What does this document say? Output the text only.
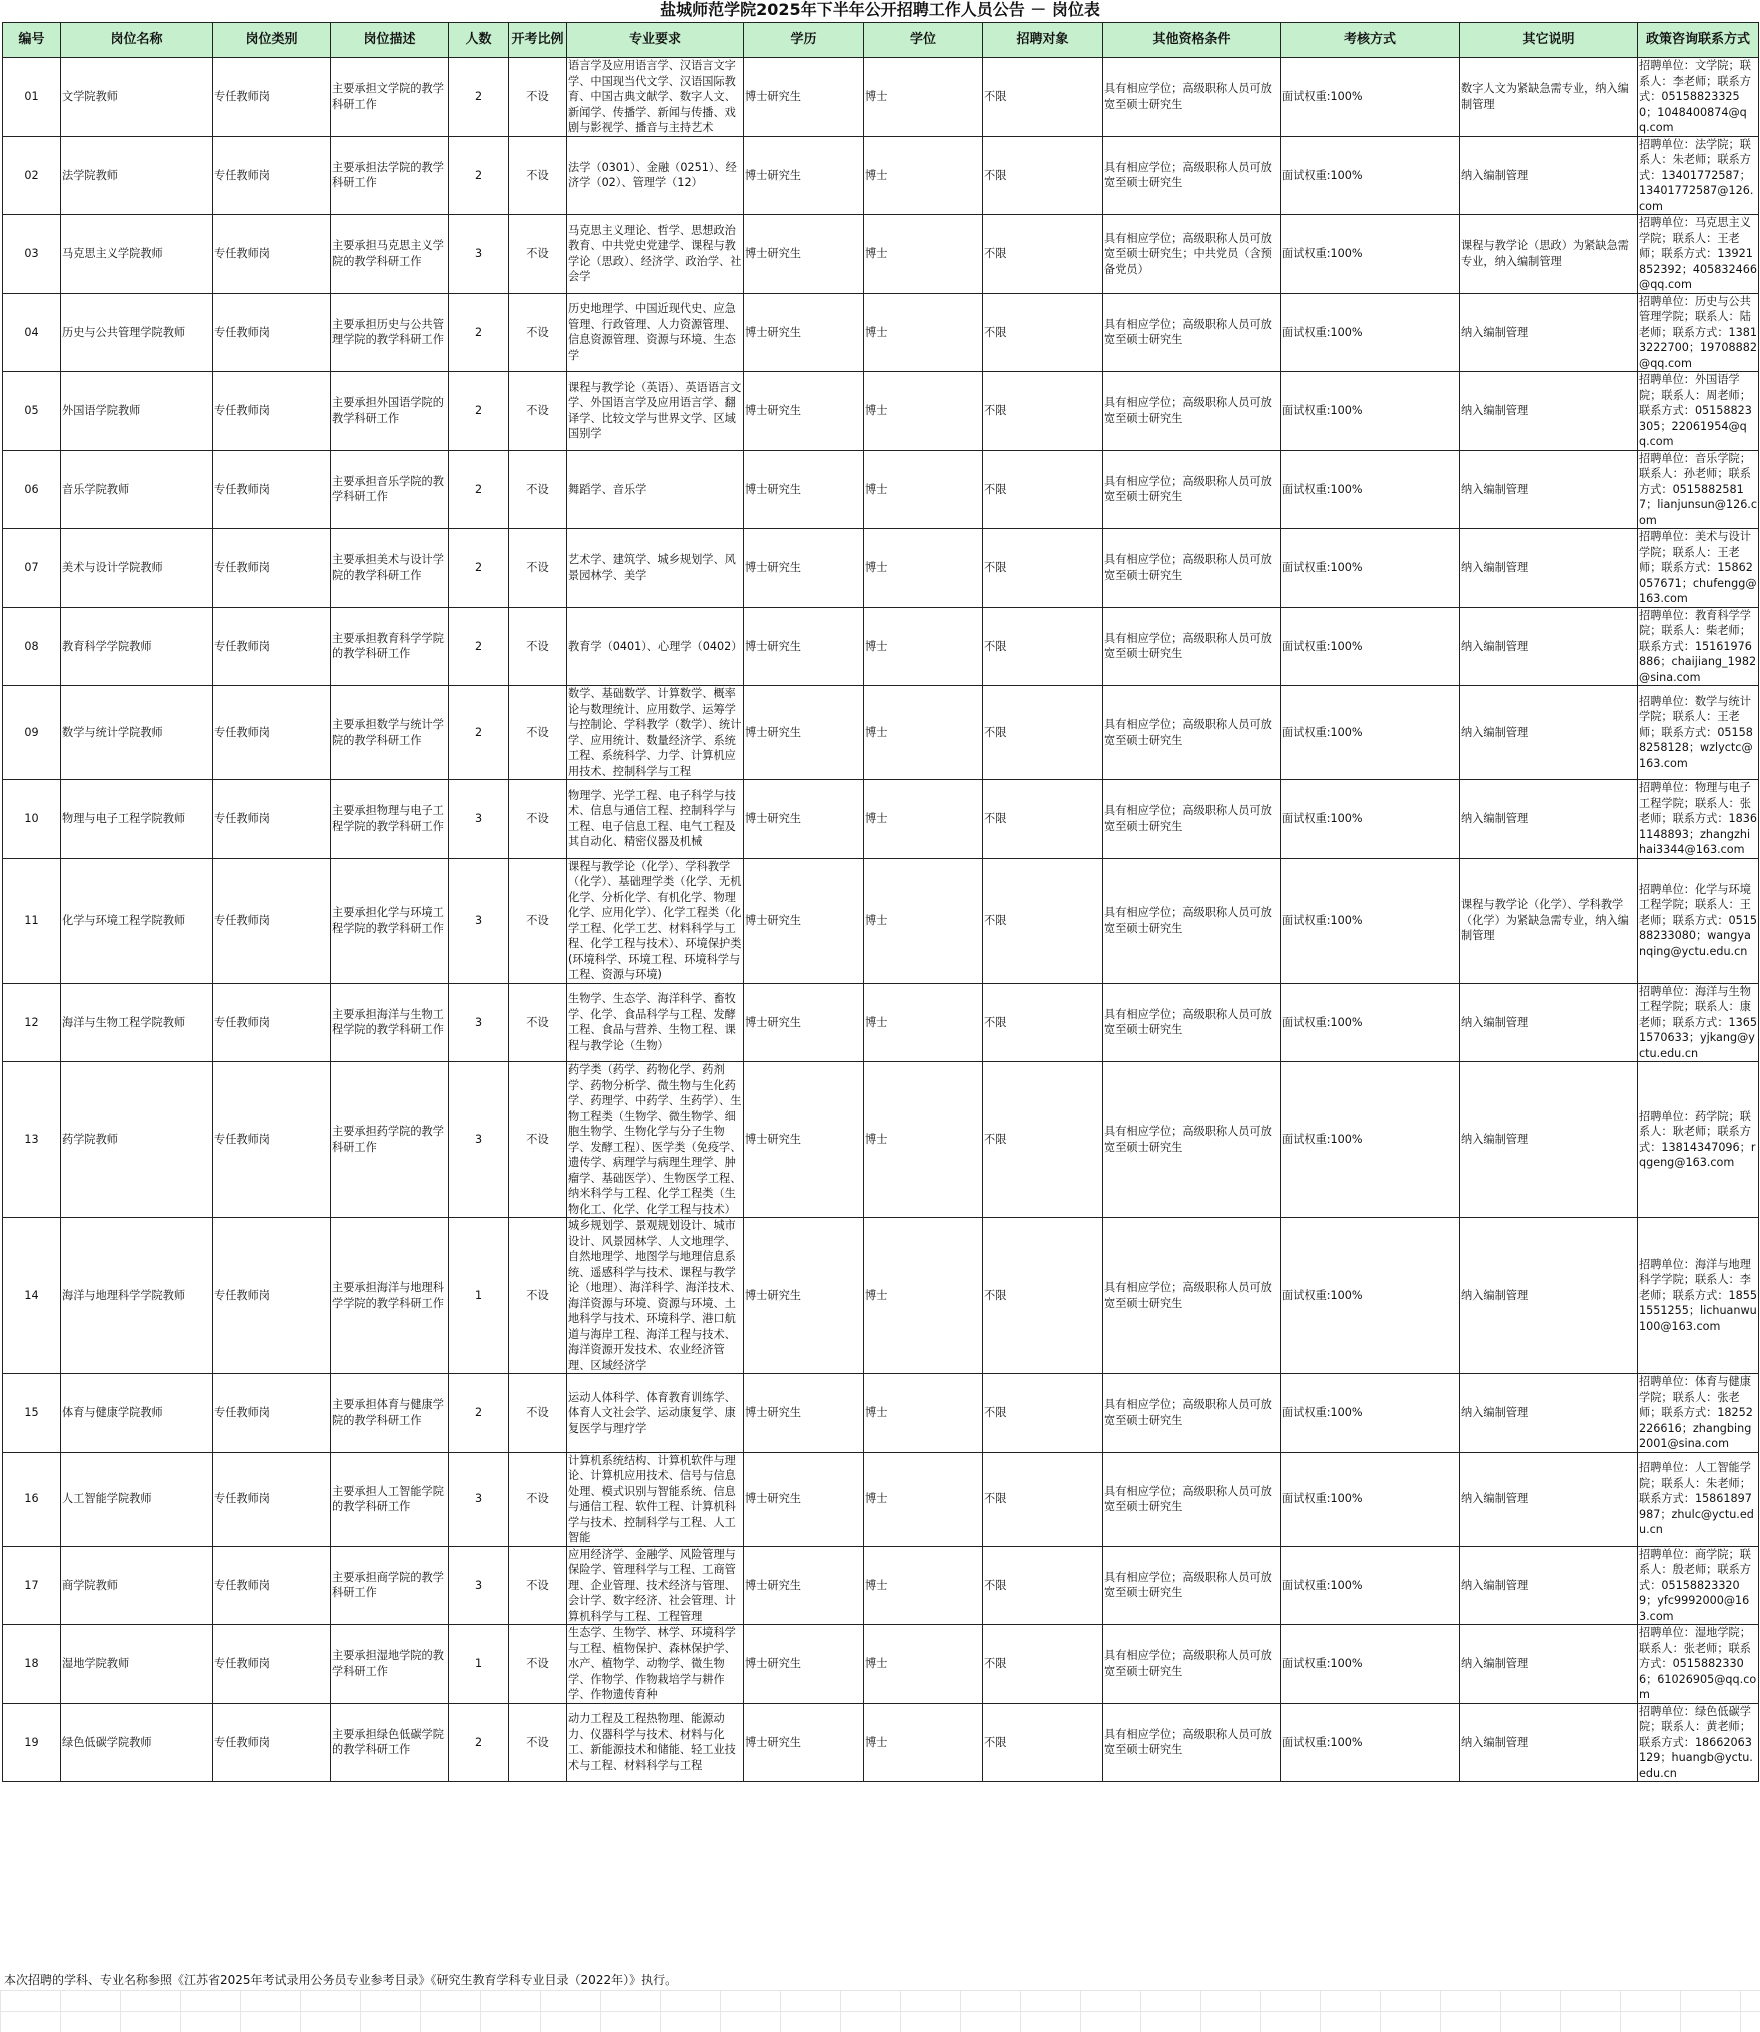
盐城师范学院2025年下半年公开招聘工作人员公告 － 岗位表
编号	岗位名称	岗位类别	岗位描述	人数	开考比例	专业要求	学历	学位	招聘对象	其他资格条件	考核方式	其它说明	政策咨询联系方式
01	文学院教师	专任教师岗	主要承担文学院的教学科研工作	2	不设	语言学及应用语言学、汉语言文字学、中国现当代文学、汉语国际教育、中国古典文献学、数字人文、新闻学、传播学、新闻与传播、戏剧与影视学、播音与主持艺术	博士研究生	博士	不限	具有相应学位；高级职称人员可放宽至硕士研究生	面试权重:100%	数字人文为紧缺急需专业，纳入编制管理	招聘单位：文学院；联系人：李老师；联系方式：05158823325​0；1048400874@qq.com
02	法学院教师	专任教师岗	主要承担法学院的教学科研工作	2	不设	法学（0301）、金融（0251）、经济学（02）、管理学（12）	博士研究生	博士	不限	具有相应学位；高级职称人员可放宽至硕士研究生	面试权重:100%	纳入编制管理	招聘单位：法学院；联系人：朱老师；联系方式：13401772587；13401772587@126.com
03	马克思主义学院教师	专任教师岗	主要承担马克思主义学院的教学科研工作	3	不设	马克思主义理论、哲学、思想政治教育、中共党史党建学、课程与教学论（思政）、经济学、政治学、社会学	博士研究生	博士	不限	具有相应学位；高级职称人员可放宽至硕士研究生；中共党员（含预备党员）	面试权重:100%	课程与教学论（思政）为紧缺急需专业，纳入编制管理	招聘单位：马克思主义学院；联系人：王老师；联系方式：13921852392；405832466@qq.com
04	历史与公共管理学院教师	专任教师岗	主要承担历史与公共管理学院的教学科研工作	2	不设	历史地理学、中国近现代史、应急管理、行政管理、人力资源管理、信息资源管理、资源与环境、生态学	博士研究生	博士	不限	具有相应学位；高级职称人员可放宽至硕士研究生	面试权重:100%	纳入编制管理	招聘单位：历史与公共管理学院；联系人：陆老师；联系方式：13813222700；19708882@qq.com
05	外国语学院教师	专任教师岗	主要承担外国语学院的教学科研工作	2	不设	课程与教学论（英语）、英语语言文学、外国语言学及应用语言学、翻译学、比较文学与世界文学、区域国别学	博士研究生	博士	不限	具有相应学位；高级职称人员可放宽至硕士研究生	面试权重:100%	纳入编制管理	招聘单位：外国语学院；联系人：周老师；联系方式：05158823305；22061954@qq.com
06	音乐学院教师	专任教师岗	主要承担音乐学院的教学科研工作	2	不设	舞蹈学、音乐学	博士研究生	博士	不限	具有相应学位；高级职称人员可放宽至硕士研究生	面试权重:100%	纳入编制管理	招聘单位：音乐学院；联系人：孙老师；联系方式：05158825817；lianjunsun@126.com
07	美术与设计学院教师	专任教师岗	主要承担美术与设计学院的教学科研工作	2	不设	艺术学、建筑学、城乡规划学、风景园林学、美学	博士研究生	博士	不限	具有相应学位；高级职称人员可放宽至硕士研究生	面试权重:100%	纳入编制管理	招聘单位：美术与设计学院；联系人：王老师；联系方式：15862057671；chufengg@163.com
08	教育科学学院教师	专任教师岗	主要承担教育科学学院的教学科研工作	2	不设	教育学（0401）、心理学（0402）	博士研究生	博士	不限	具有相应学位；高级职称人员可放宽至硕士研究生	面试权重:100%	纳入编制管理	招聘单位：教育科学学院；联系人：柴老师；联系方式：15161976886；chaijiang_1982@sina.com
09	数学与统计学院教师	专任教师岗	主要承担数学与统计学院的教学科研工作	2	不设	数学、基础数学、计算数学、概率论与数理统计、应用数学、运筹学与控制论、学科教学（数学）、统计学、应用统计、数量经济学、系统工程、系统科学、力学、计算机应用技术、控制科学与工程	博士研究生	博士	不限	具有相应学位；高级职称人员可放宽至硕士研究生	面试权重:100%	纳入编制管理	招聘单位：数学与统计学院；联系人：王老师；联系方式：05158825812​8；wzlyctc@163.com
10	物理与电子工程学院教师	专任教师岗	主要承担物理与电子工程学院的教学科研工作	3	不设	物理学、光学工程、电子科学与技术、信息与通信工程、控制科学与工程、电子信息工程、电气工程及其自动化、精密仪器及机械	博士研究生	博士	不限	具有相应学位；高级职称人员可放宽至硕士研究生	面试权重:100%	纳入编制管理	招聘单位：物理与电子工程学院；联系人：张老师；联系方式：18361148893；zhangzhihai3344@163.com
11	化学与环境工程学院教师	专任教师岗	主要承担化学与环境工程学院的教学科研工作	3	不设	课程与教学论（化学）、学科教学（化学）、基础理学类（化学、无机化学、分析化学、有机化学、物理化学、应用化学）、化学工程类（化学工程、化学工艺、材料科学与工程、化学工程与技术）、环境保护类(环境科学、环境工程、环境科学与工程、资源与环境)	博士研究生	博士	不限	具有相应学位；高级职称人员可放宽至硕士研究生	面试权重:100%	课程与教学论（化学）、学科教学（化学）为紧缺急需专业，纳入编制管理	招聘单位：化学与环境工程学院；联系人：王老师；联系方式：05158823308​0；wangyanqing@yctu.edu.cn
12	海洋与生物工程学院教师	专任教师岗	主要承担海洋与生物工程学院的教学科研工作	3	不设	生物学、生态学、海洋科学、畜牧学、化学、食品科学与工程、发酵工程、食品与营养、生物工程、课程与教学论（生物）	博士研究生	博士	不限	具有相应学位；高级职称人员可放宽至硕士研究生	面试权重:100%	纳入编制管理	招聘单位：海洋与生物工程学院；联系人：康老师；联系方式：13651570633；yjkang@yctu.edu.cn
13	药学院教师	专任教师岗	主要承担药学院的教学科研工作	3	不设	药学类（药学、药物化学、药剂学、药物分析学、微生物与生化药学、药理学、中药学、生药学）、生物工程类（生物学、微生物学、细胞生物学、生物化学与分子生物学、发酵工程）、医学类（免疫学、遗传学、病理学与病理生理学、肿瘤学、基础医学）、生物医学工程、纳米科学与工程、化学工程类（生物化工、化学、化学工程与技术）	博士研究生	博士	不限	具有相应学位；高级职称人员可放宽至硕士研究生	面试权重:100%	纳入编制管理	招聘单位：药学院；联系人：耿老师；联系方式：13814347096；rqgeng@163.com
14	海洋与地理科学学院教师	专任教师岗	主要承担海洋与地理科学学院的教学科研工作	1	不设	城乡规划学、景观规划设计、城市设计、风景园林学、人文地理学、自然地理学、地图学与地理信息系统、遥感科学与技术、课程与教学论（地理）、海洋科学、海洋技术、海洋资源与环境、资源与环境、土地科学与技术、环境科学、港口航道与海岸工程、海洋工程与技术、海洋资源开发技术、农业经济管理、区域经济学	博士研究生	博士	不限	具有相应学位；高级职称人员可放宽至硕士研究生	面试权重:100%	纳入编制管理	招聘单位：海洋与地理科学学院；联系人：李老师；联系方式：18551551255；lichuanwu100@163.com
15	体育与健康学院教师	专任教师岗	主要承担体育与健康学院的教学科研工作	2	不设	运动人体科学、体育教育训练学、体育人文社会学、运动康复学、康复医学与理疗学	博士研究生	博士	不限	具有相应学位；高级职称人员可放宽至硕士研究生	面试权重:100%	纳入编制管理	招聘单位：体育与健康学院；联系人：张老师；联系方式：18252226616；zhangbing2001@sina.com
16	人工智能学院教师	专任教师岗	主要承担人工智能学院的教学科研工作	3	不设	计算机系统结构、计算机软件与理论、计算机应用技术、信号与信息处理、模式识别与智能系统、信息与通信工程、软件工程、计算机科学与技术、控制科学与工程、人工智能	博士研究生	博士	不限	具有相应学位；高级职称人员可放宽至硕士研究生	面试权重:100%	纳入编制管理	招聘单位：人工智能学院；联系人：朱老师；联系方式：15861897987；zhulc@yctu.edu.cn
17	商学院教师	专任教师岗	主要承担商学院的教学科研工作	3	不设	应用经济学、金融学、风险管理与保险学、管理科学与工程、工商管理、企业管理、技术经济与管理、会计学、数字经济、社会管理、计算机科学与工程、工程管理	博士研究生	博士	不限	具有相应学位；高级职称人员可放宽至硕士研究生	面试权重:100%	纳入编制管理	招聘单位：商学院；联系人：殷老师；联系方式：05158823320​9；yfc9992000@163.com
18	湿地学院教师	专任教师岗	主要承担湿地学院的教学科研工作	1	不设	生态学、生物学、林学、环境科学与工程、植物保护、森林保护学、水产、植物学、动物学、微生物学、作物学、作物栽培学与耕作学、作物遗传育种	博士研究生	博士	不限	具有相应学位；高级职称人员可放宽至硕士研究生	面试权重:100%	纳入编制管理	招聘单位：湿地学院；联系人：张老师；联系方式：05158823306；61026905@qq.com
19	绿色低碳学院教师	专任教师岗	主要承担绿色低碳学院的教学科研工作	2	不设	动力工程及工程热物理、能源动力、仪器科学与技术、材料与化工、新能源技术和储能、轻工业技术与工程、材料科学与工程	博士研究生	博士	不限	具有相应学位；高级职称人员可放宽至硕士研究生	面试权重:100%	纳入编制管理	招聘单位：绿色低碳学院；联系人：黄老师；联系方式：18662063129；huangb@yctu.edu.cn
本次招聘的学科、专业名称参照《江苏省2025年考试录用公务员专业参考目录》《研究生教育学科专业目录（2022年）》执行。
